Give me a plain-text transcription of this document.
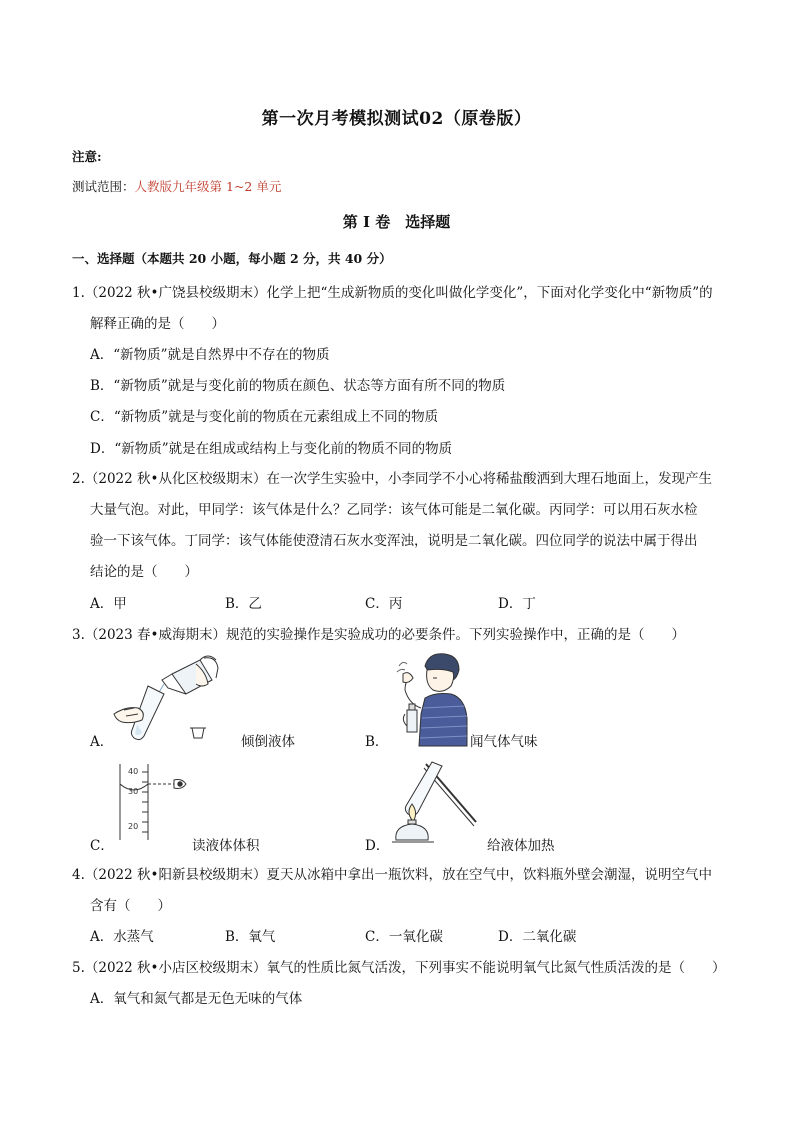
第一次月考模拟测试02（原卷版）
注意:
测试范围：人教版九年级第 1~2 单元
第 I 卷　选择题
一、选择题（本题共 20 小题，每小题 2 分，共 40 分）
1.（2022 秋•广饶县校级期末）化学上把“生成新物质的变化叫做化学变化”，下面对化学变化中“新物质”的
解释正确的是（　　）
A．“新物质”就是自然界中不存在的物质
B．“新物质”就是与变化前的物质在颜色、状态等方面有所不同的物质
C．“新物质”就是与变化前的物质在元素组成上不同的物质
D．“新物质”就是在组成或结构上与变化前的物质不同的物质
2.（2022 秋•从化区校级期末）在一次学生实验中，小李同学不小心将稀盐酸洒到大理石地面上，发现产生
大量气泡。对此，甲同学：该气体是什么？乙同学：该气体可能是二氧化碳。丙同学：可以用石灰水检
验一下该气体。丁同学：该气体能使澄清石灰水变浑浊，说明是二氧化碳。四位同学的说法中属于得出
结论的是（　　）
A．甲	B．乙	C．丙	D．丁
3.（2023 春•威海期末）规范的实验操作是实验成功的必要条件。下列实验操作中，正确的是（　　）
A．	倾倒液体	B．	闻气体气味
40
30
20
C．	读液体体积	D．	给液体加热
4.（2022 秋•阳新县校级期末）夏天从冰箱中拿出一瓶饮料，放在空气中，饮料瓶外壁会潮湿，说明空气中
含有（　　）
A．水蒸气	B．氧气	C．一氧化碳	D．二氧化碳
5.（2022 秋•小店区校级期末）氧气的性质比氮气活泼，下列事实不能说明氧气比氮气性质活泼的是（　　）
A．氧气和氮气都是无色无味的气体
